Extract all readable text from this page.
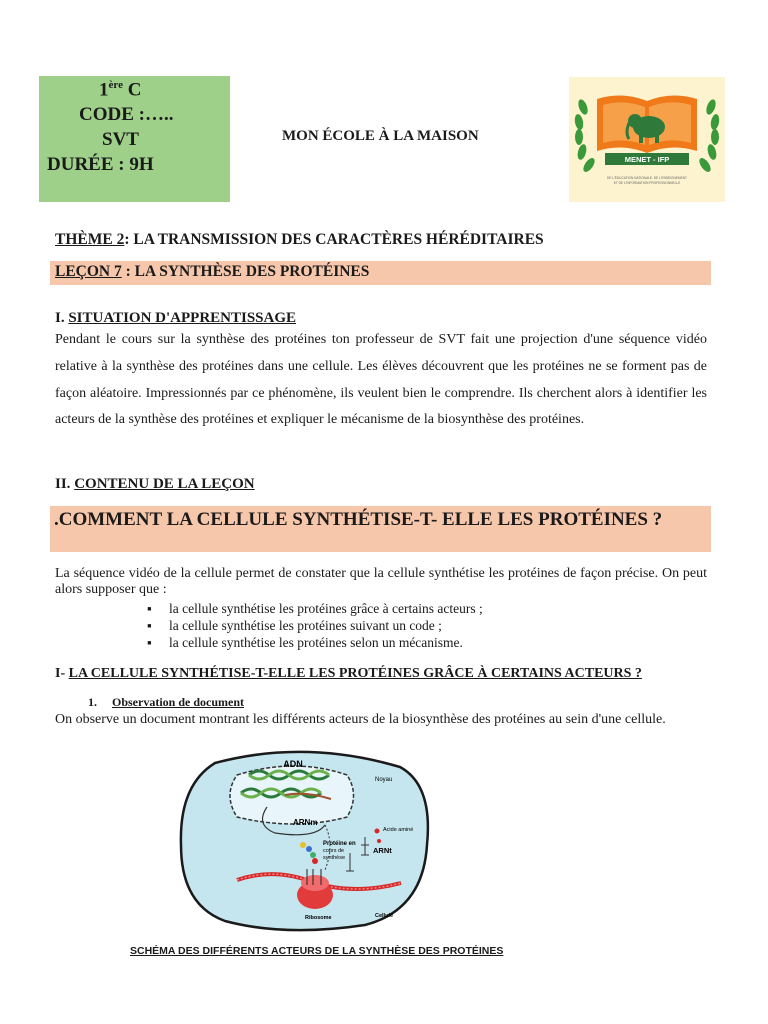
1ère C
CODE :…..
SVT
DURÉE : 9H
MON ÉCOLE À LA MAISON
MENET - IFP
DE L'ÉDUCATION NATIONALE, DE L'ENSEIGNEMENT
ET DE L'INFORMATION PROFESSIONNELLE
THÈME 2: LA TRANSMISSION DES CARACTÈRES HÉRÉDITAIRES
LEÇON 7 : LA SYNTHÈSE DES PROTÉINES
I. SITUATION D'APPRENTISSAGE
Pendant le cours sur la synthèse des protéines ton professeur de SVT fait une projection d'une séquence vidéo relative à la synthèse des protéines dans une cellule. Les élèves découvrent que les protéines ne se forment pas de façon aléatoire. Impressionnés par ce phénomène, ils veulent bien le comprendre. Ils cherchent alors à identifier les acteurs de la synthèse des protéines et expliquer le mécanisme de la biosynthèse des protéines.
II. CONTENU DE LA LEÇON
.COMMENT LA CELLULE SYNTHÉTISE-T- ELLE LES PROTÉINES ?
La séquence vidéo de la cellule permet de constater que la cellule synthétise les protéines de façon précise. On peut alors supposer que :
▪ la cellule synthétise les protéines grâce à certains acteurs ;
▪ la cellule synthétise les protéines suivant un code ;
▪ la cellule synthétise les protéines selon un mécanisme.
I- LA CELLULE SYNTHÉTISE-T-ELLE LES PROTÉINES GRÂCE À CERTAINS ACTEURS ?
1. Observation de document
On observe un document montrant les différents acteurs de la biosynthèse des protéines au sein d'une cellule.
ADN
Noyau
ARNm
Acide aminé
ARNt
Protéine en
cours de
synthèse
Ribosome	Cellule
SCHÉMA DES DIFFÉRENTS ACTEURS DE LA SYNTHÈSE DES PROTÉINES
